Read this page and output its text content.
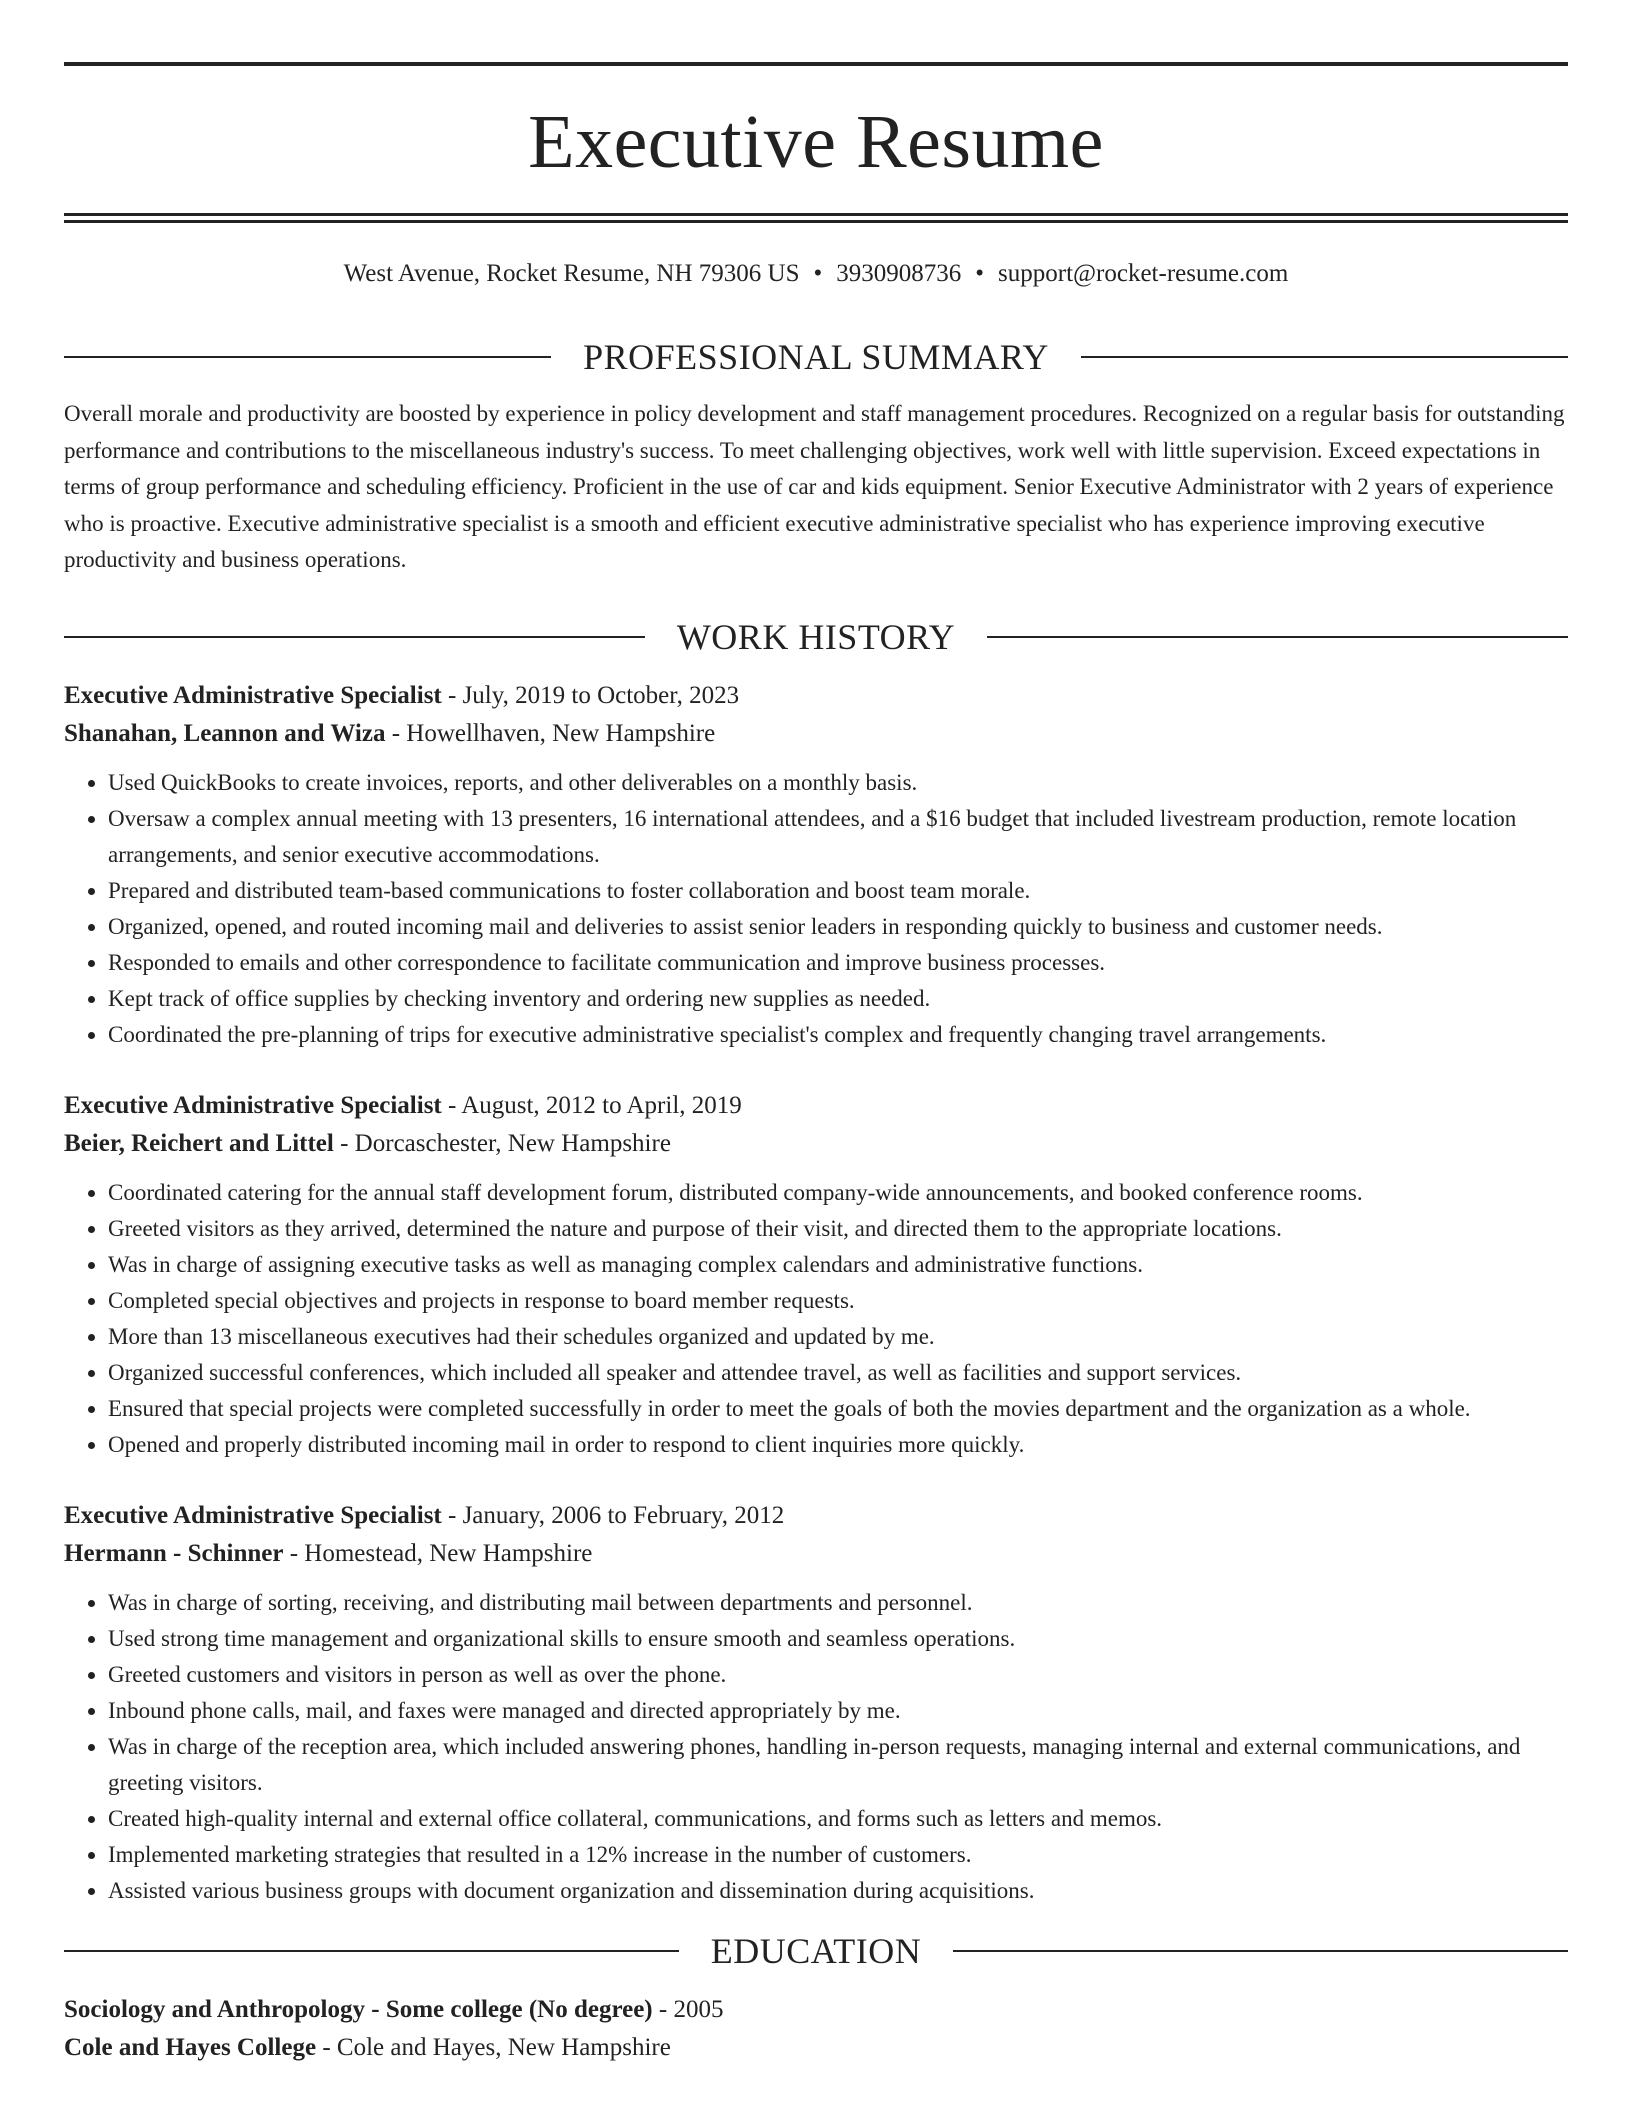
Executive Resume
West Avenue, Rocket Resume, NH 79306 US • 3930908736 • support@rocket-resume.com
PROFESSIONAL SUMMARY
Overall morale and productivity are boosted by experience in policy development and staff management procedures. Recognized on a regular basis for outstanding performance and contributions to the miscellaneous industry's success. To meet challenging objectives, work well with little supervision. Exceed expectations in terms of group performance and scheduling efficiency. Proficient in the use of car and kids equipment. Senior Executive Administrator with 2 years of experience who is proactive. Executive administrative specialist is a smooth and efficient executive administrative specialist who has experience improving executive productivity and business operations.
WORK HISTORY
Executive Administrative Specialist - July, 2019 to October, 2023
Shanahan, Leannon and Wiza - Howellhaven, New Hampshire
• Used QuickBooks to create invoices, reports, and other deliverables on a monthly basis.
• Oversaw a complex annual meeting with 13 presenters, 16 international attendees, and a $16 budget that included livestream production, remote location arrangements, and senior executive accommodations.
• Prepared and distributed team-based communications to foster collaboration and boost team morale.
• Organized, opened, and routed incoming mail and deliveries to assist senior leaders in responding quickly to business and customer needs.
• Responded to emails and other correspondence to facilitate communication and improve business processes.
• Kept track of office supplies by checking inventory and ordering new supplies as needed.
• Coordinated the pre-planning of trips for executive administrative specialist's complex and frequently changing travel arrangements.
Executive Administrative Specialist - August, 2012 to April, 2019
Beier, Reichert and Littel - Dorcaschester, New Hampshire
• Coordinated catering for the annual staff development forum, distributed company-wide announcements, and booked conference rooms.
• Greeted visitors as they arrived, determined the nature and purpose of their visit, and directed them to the appropriate locations.
• Was in charge of assigning executive tasks as well as managing complex calendars and administrative functions.
• Completed special objectives and projects in response to board member requests.
• More than 13 miscellaneous executives had their schedules organized and updated by me.
• Organized successful conferences, which included all speaker and attendee travel, as well as facilities and support services.
• Ensured that special projects were completed successfully in order to meet the goals of both the movies department and the organization as a whole.
• Opened and properly distributed incoming mail in order to respond to client inquiries more quickly.
Executive Administrative Specialist - January, 2006 to February, 2012
Hermann - Schinner - Homestead, New Hampshire
• Was in charge of sorting, receiving, and distributing mail between departments and personnel.
• Used strong time management and organizational skills to ensure smooth and seamless operations.
• Greeted customers and visitors in person as well as over the phone.
• Inbound phone calls, mail, and faxes were managed and directed appropriately by me.
• Was in charge of the reception area, which included answering phones, handling in-person requests, managing internal and external communications, and greeting visitors.
• Created high-quality internal and external office collateral, communications, and forms such as letters and memos.
• Implemented marketing strategies that resulted in a 12% increase in the number of customers.
• Assisted various business groups with document organization and dissemination during acquisitions.
EDUCATION
Sociology and Anthropology - Some college (No degree) - 2005
Cole and Hayes College - Cole and Hayes, New Hampshire
